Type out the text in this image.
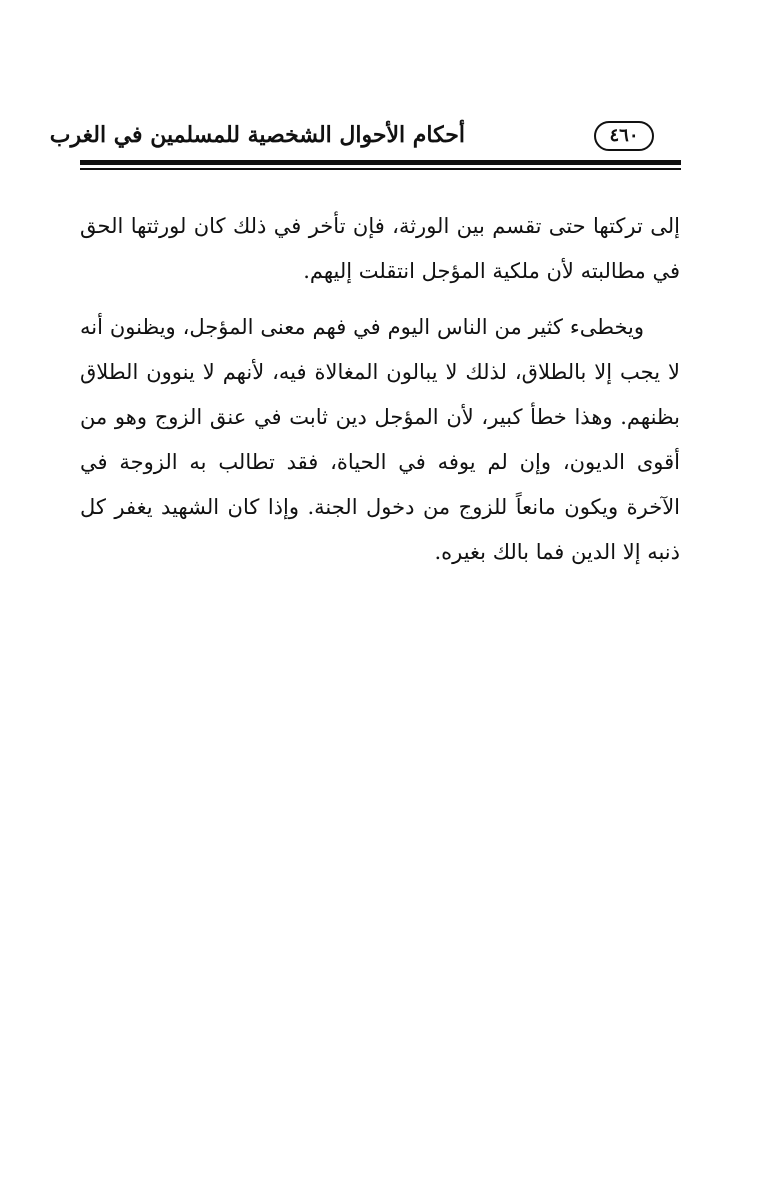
٤٦٠
أحكام الأحوال الشخصية للمسلمين في الغرب

إلى تركتها حتى تقسم بين الورثة، فإن تأخر في ذلك كان لورثتها الحق في مطالبته لأن ملكية المؤجل انتقلت إليهم.

ويخطىء كثير من الناس اليوم في فهم معنى المؤجل، ويظنون أنه لا يجب إلا بالطلاق، لذلك لا يبالون المغالاة فيه، لأنهم لا ينوون الطلاق بظنهم. وهذا خطأ كبير، لأن المؤجل دين ثابت في عنق الزوج وهو من أقوى الديون، وإن لم يوفه في الحياة، فقد تطالب به الزوجة في الآخرة ويكون مانعاً للزوج من دخول الجنة. وإذا كان الشهيد يغفر كل ذنبه إلا الدين فما بالك بغيره.
